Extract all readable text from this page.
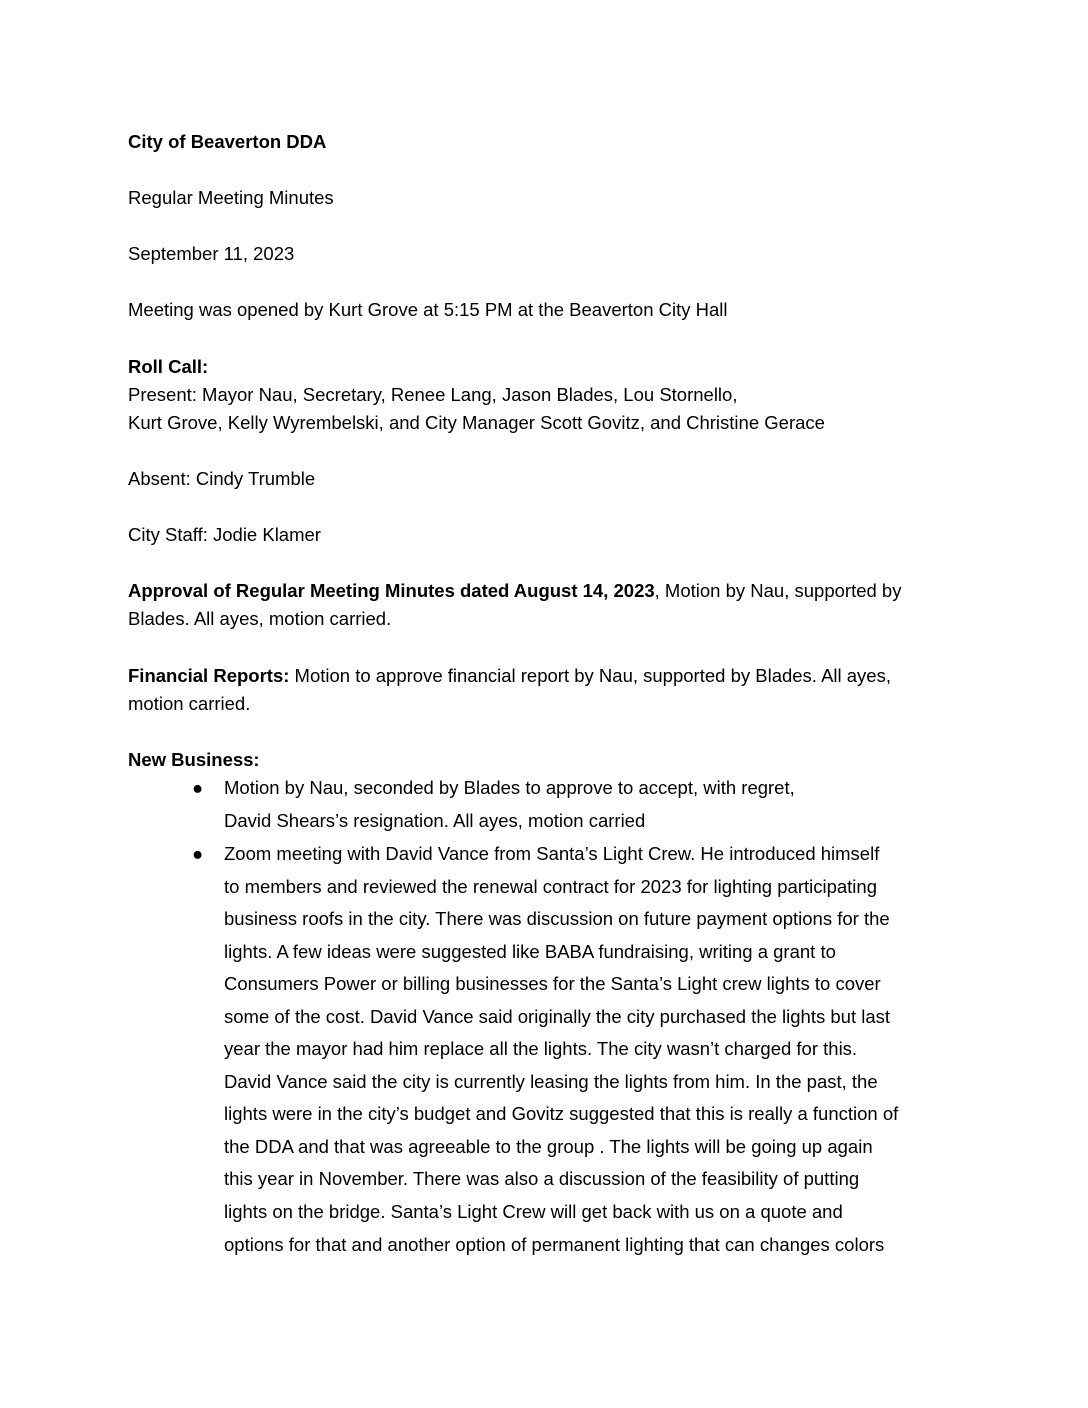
City of Beaverton DDA
Regular Meeting Minutes
September 11, 2023
Meeting was opened by Kurt Grove at 5:15 PM at the Beaverton City Hall
Roll Call:
Present: Mayor Nau, Secretary, Renee Lang, Jason Blades, Lou Stornello,
Kurt Grove, Kelly Wyrembelski, and City Manager Scott Govitz, and Christine Gerace
Absent: Cindy Trumble
City Staff: Jodie Klamer
Approval of Regular Meeting Minutes dated August 14, 2023, Motion by Nau, supported by
Blades. All ayes, motion carried.
Financial Reports: Motion to approve financial report by Nau, supported by Blades. All ayes,
motion carried.
New Business:
● Motion by Nau, seconded by Blades to approve to accept, with regret,
David Shears’s resignation. All ayes, motion carried
● Zoom meeting with David Vance from Santa’s Light Crew. He introduced himself
to members and reviewed the renewal contract for 2023 for lighting participating
business roofs in the city. There was discussion on future payment options for the
lights. A few ideas were suggested like BABA fundraising, writing a grant to
Consumers Power or billing businesses for the Santa’s Light crew lights to cover
some of the cost. David Vance said originally the city purchased the lights but last
year the mayor had him replace all the lights. The city wasn’t charged for this.
David Vance said the city is currently leasing the lights from him. In the past, the
lights were in the city’s budget and Govitz suggested that this is really a function of
the DDA and that was agreeable to the group . The lights will be going up again
this year in November. There was also a discussion of the feasibility of putting
lights on the bridge. Santa’s Light Crew will get back with us on a quote and
options for that and another option of permanent lighting that can changes colors
